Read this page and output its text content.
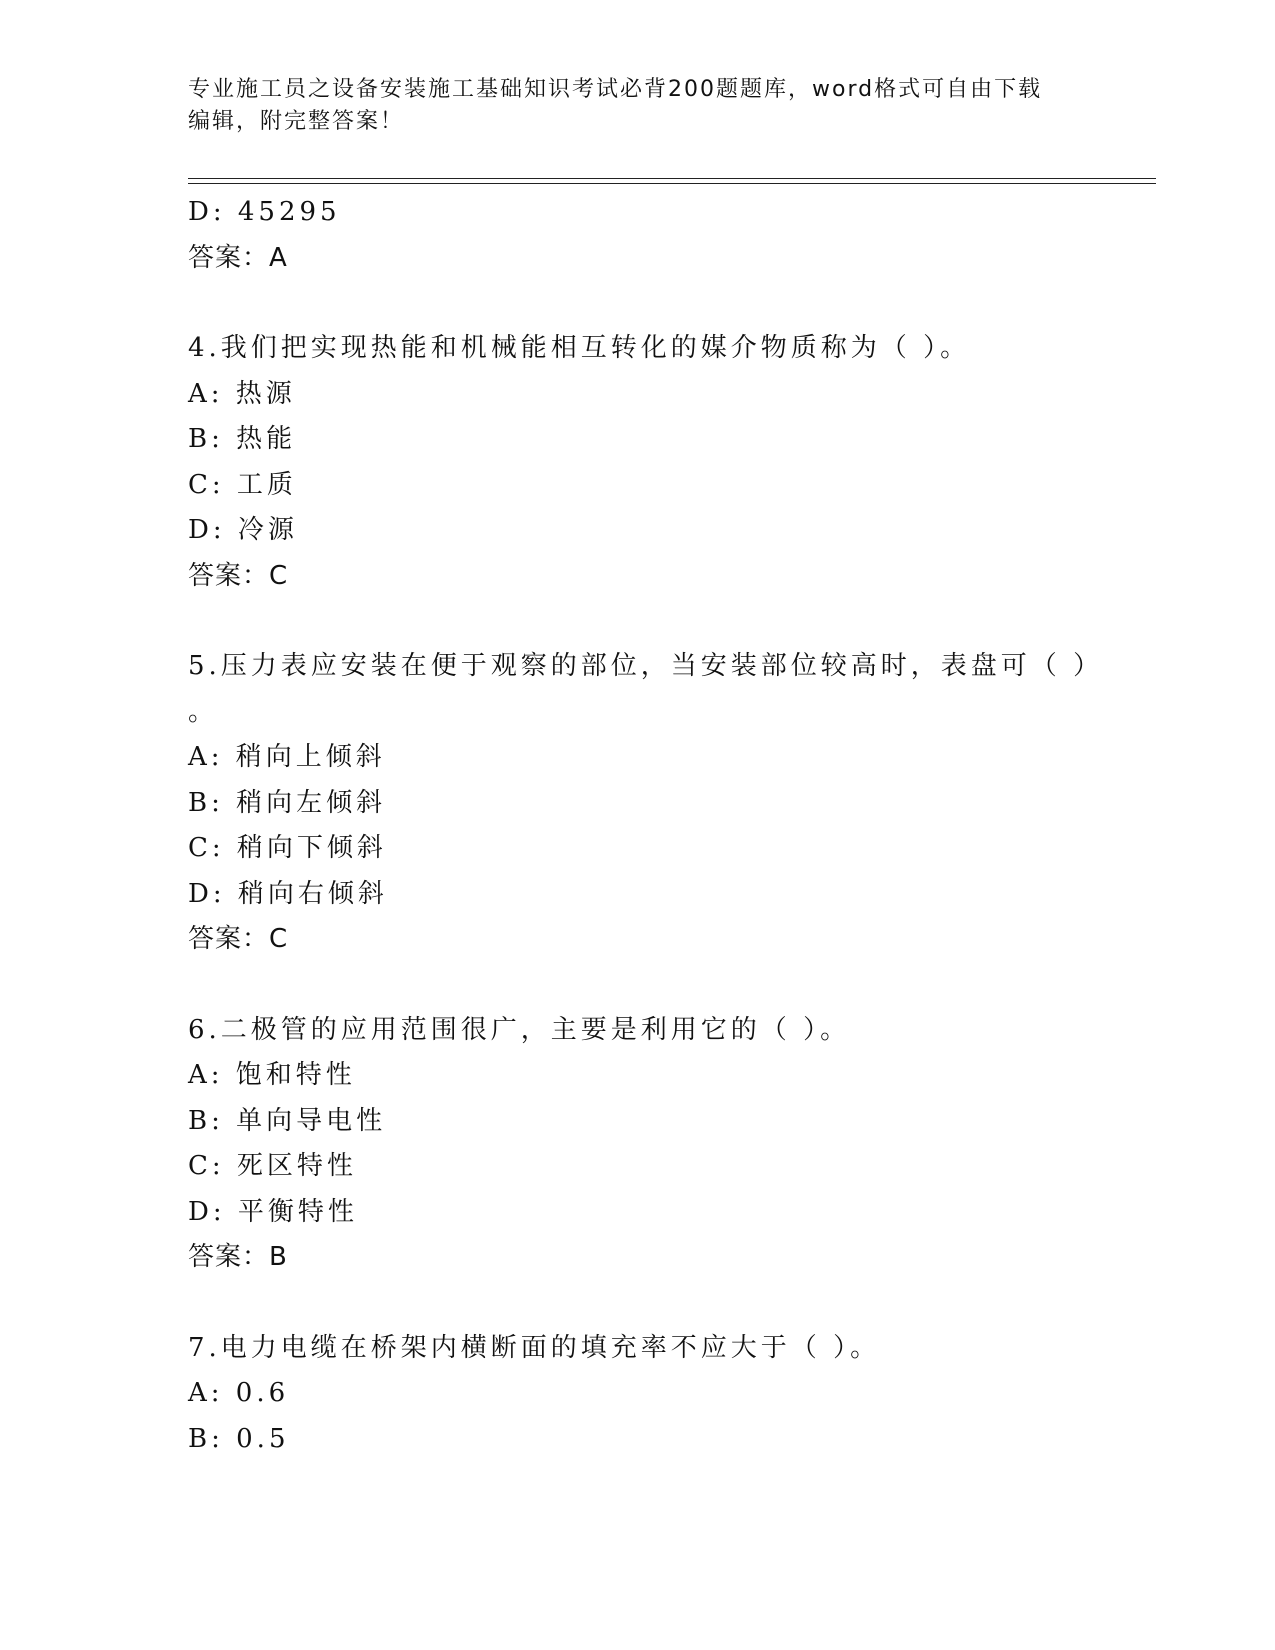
专业施工员之设备安装施工基础知识考试必背200题题库，word格式可自由下载
编辑，附完整答案！
D: 45295
答案：A
4.我们把实现热能和机械能相互转化的媒介物质称为（ ）。
A: 热源
B: 热能
C: 工质
D: 冷源
答案：C
5.压力表应安装在便于观察的部位，当安装部位较高时，表盘可（ ）
。
A: 稍向上倾斜
B: 稍向左倾斜
C: 稍向下倾斜
D: 稍向右倾斜
答案：C
6.二极管的应用范围很广，主要是利用它的（ ）。
A: 饱和特性
B: 单向导电性
C: 死区特性
D: 平衡特性
答案：B
7.电力电缆在桥架内横断面的填充率不应大于（ ）。
A: 0.6
B: 0.5
